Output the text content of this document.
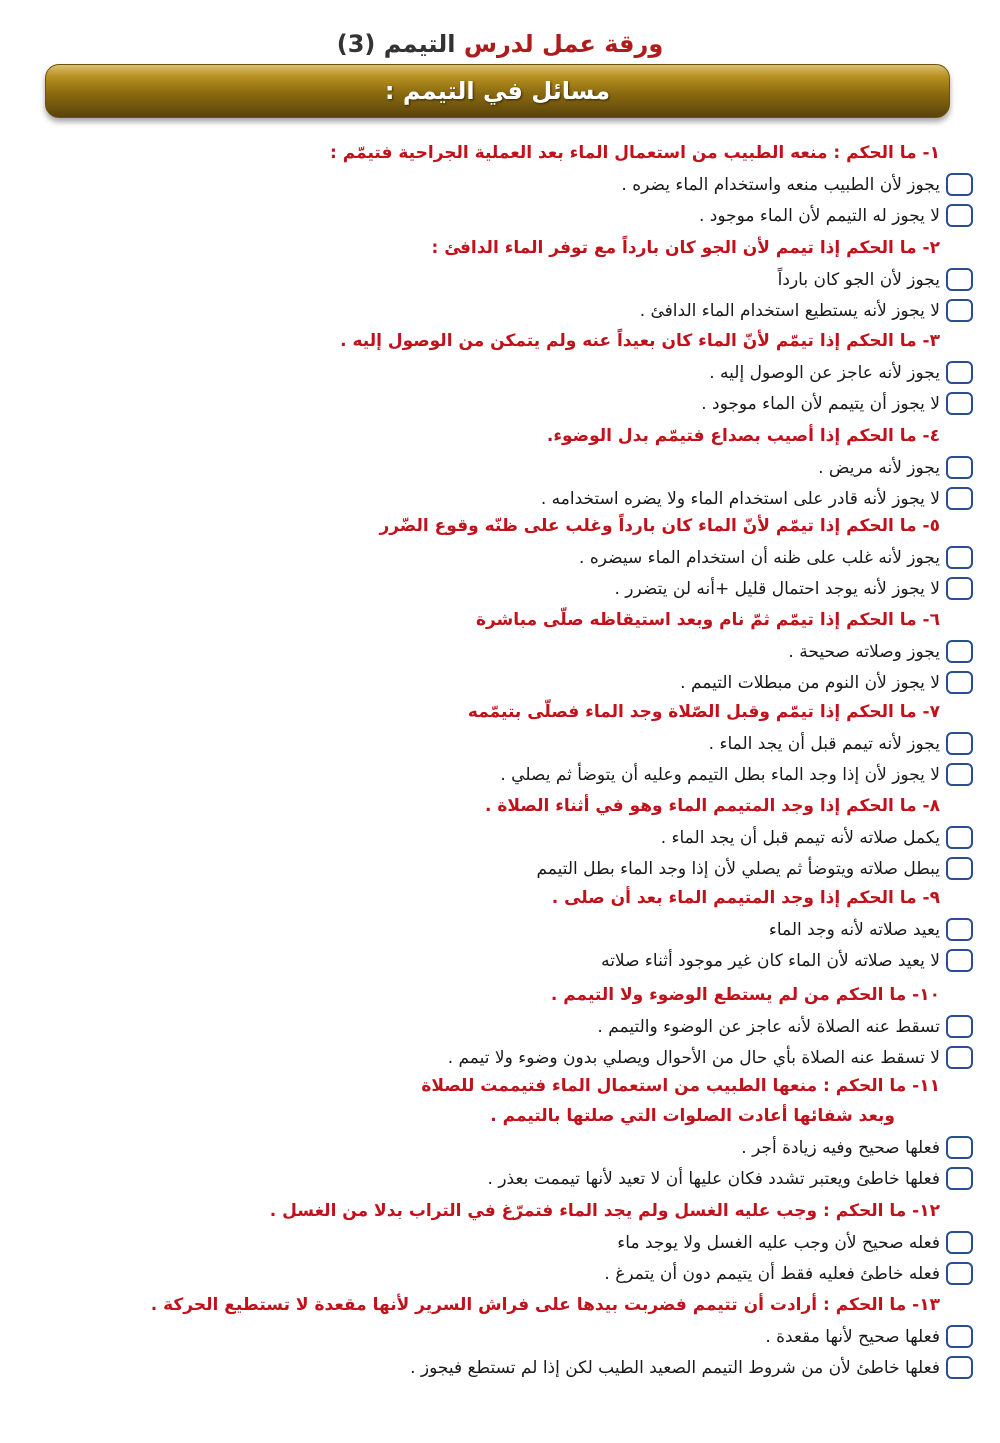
ورقة عمل لدرس التيمم (3)
مسائل في التيمم :
١- ما الحكم : منعه الطبيب من استعمال الماء بعد العملية الجراحية فتيمّم :
يجوز لأن الطبيب منعه واستخدام الماء يضره .
لا يجوز له التيمم لأن الماء موجود .
٢- ما الحكم إذا تيمم لأن الجو كان بارداً مع توفر الماء الدافئ :
يجوز لأن الجو كان بارداً
لا يجوز لأنه يستطيع استخدام الماء الدافئ .
٣- ما الحكم إذا تيمّم لأنّ الماء كان بعيداً عنه ولم يتمكن من الوصول إليه .
يجوز لأنه عاجز عن الوصول إليه .
لا يجوز أن يتيمم لأن الماء موجود .
٤- ما الحكم إذا أصيب بصداع فتيمّم بدل الوضوء.
يجوز لأنه مريض .
لا يجوز لأنه قادر على استخدام الماء ولا يضره استخدامه .
٥- ما الحكم إذا تيمّم لأنّ الماء كان بارداً وغلب على ظنّه وقوع الضّرر
يجوز لأنه غلب على ظنه أن استخدام الماء سيضره .
لا يجوز لأنه يوجد احتمال قليل +أنه لن يتضرر .
٦- ما الحكم إذا تيمّم ثمّ نام وبعد استيقاظه صلّى مباشرة
يجوز وصلاته صحيحة .
لا يجوز لأن النوم من مبطلات التيمم .
٧- ما الحكم إذا تيمّم وقبل الصّلاة وجد الماء فصلّى بتيمّمه
يجوز لأنه تيمم قبل أن يجد الماء .
لا يجوز لأن إذا وجد الماء بطل التيمم وعليه أن يتوضأ ثم يصلي .
٨- ما الحكم إذا وجد المتيمم الماء وهو في أثناء الصلاة .
يكمل صلاته لأنه تيمم قبل أن يجد الماء .
يبطل صلاته ويتوضأ ثم يصلي لأن إذا وجد الماء بطل التيمم
٩- ما الحكم إذا وجد المتيمم الماء بعد أن صلى .
يعيد صلاته لأنه وجد الماء
لا يعيد صلاته لأن الماء كان غير موجود أثناء صلاته
١٠- ما الحكم من لم يستطع الوضوء ولا التيمم .
تسقط عنه الصلاة لأنه عاجز عن الوضوء والتيمم .
لا تسقط عنه الصلاة بأي حال من الأحوال ويصلي بدون وضوء ولا تيمم .
١١- ما الحكم : منعها الطبيب من استعمال الماء فتيممت للصلاة
وبعد شفائها أعادت الصلوات التي صلتها بالتيمم .
فعلها صحيح وفيه زيادة أجر .
فعلها خاطئ ويعتبر تشدد فكان عليها أن لا تعيد لأنها تيممت بعذر .
١٢- ما الحكم : وجب عليه الغسل ولم يجد الماء فتمرّغ في التراب بدلا من الغسل .
فعله صحيح لأن وجب عليه الغسل ولا يوجد ماء
فعله خاطئ فعليه فقط أن يتيمم دون أن يتمرغ .
١٣- ما الحكم : أرادت أن تتيمم فضربت بيدها على فراش السرير لأنها مقعدة لا تستطيع الحركة .
فعلها صحيح لأنها مقعدة .
فعلها خاطئ لأن من شروط التيمم الصعيد الطيب لكن إذا لم تستطع فيجوز .
